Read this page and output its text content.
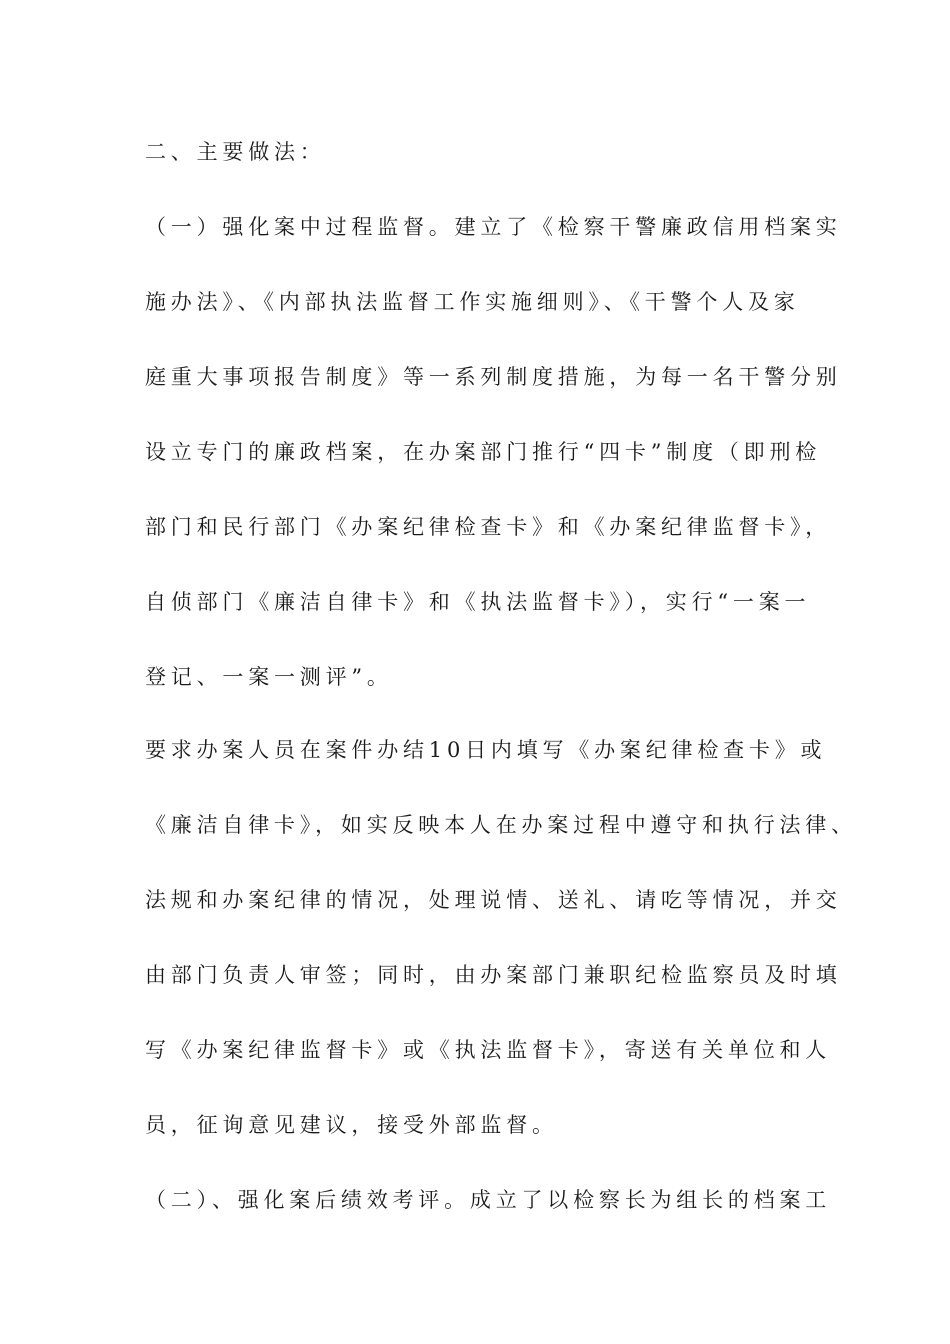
二、主要做法：

（一）强化案中过程监督。建立了《检察干警廉政信用档案实

施办法》、《内部执法监督工作实施细则》、《干警个人及家

庭重大事项报告制度》等一系列制度措施，为每一名干警分别

设立专门的廉政档案，在办案部门推行“四卡”制度（即刑检

部门和民行部门《办案纪律检查卡》和《办案纪律监督卡》，

自侦部门《廉洁自律卡》和《执法监督卡》），实行“一案一

登记、一案一测评”。

要求办案人员在案件办结10日内填写《办案纪律检查卡》或

《廉洁自律卡》，如实反映本人在办案过程中遵守和执行法律、

法规和办案纪律的情况，处理说情、送礼、请吃等情况，并交

由部门负责人审签；同时，由办案部门兼职纪检监察员及时填

写《办案纪律监督卡》或《执法监督卡》，寄送有关单位和人

员，征询意见建议，接受外部监督。

（二）、强化案后绩效考评。成立了以检察长为组长的档案工
